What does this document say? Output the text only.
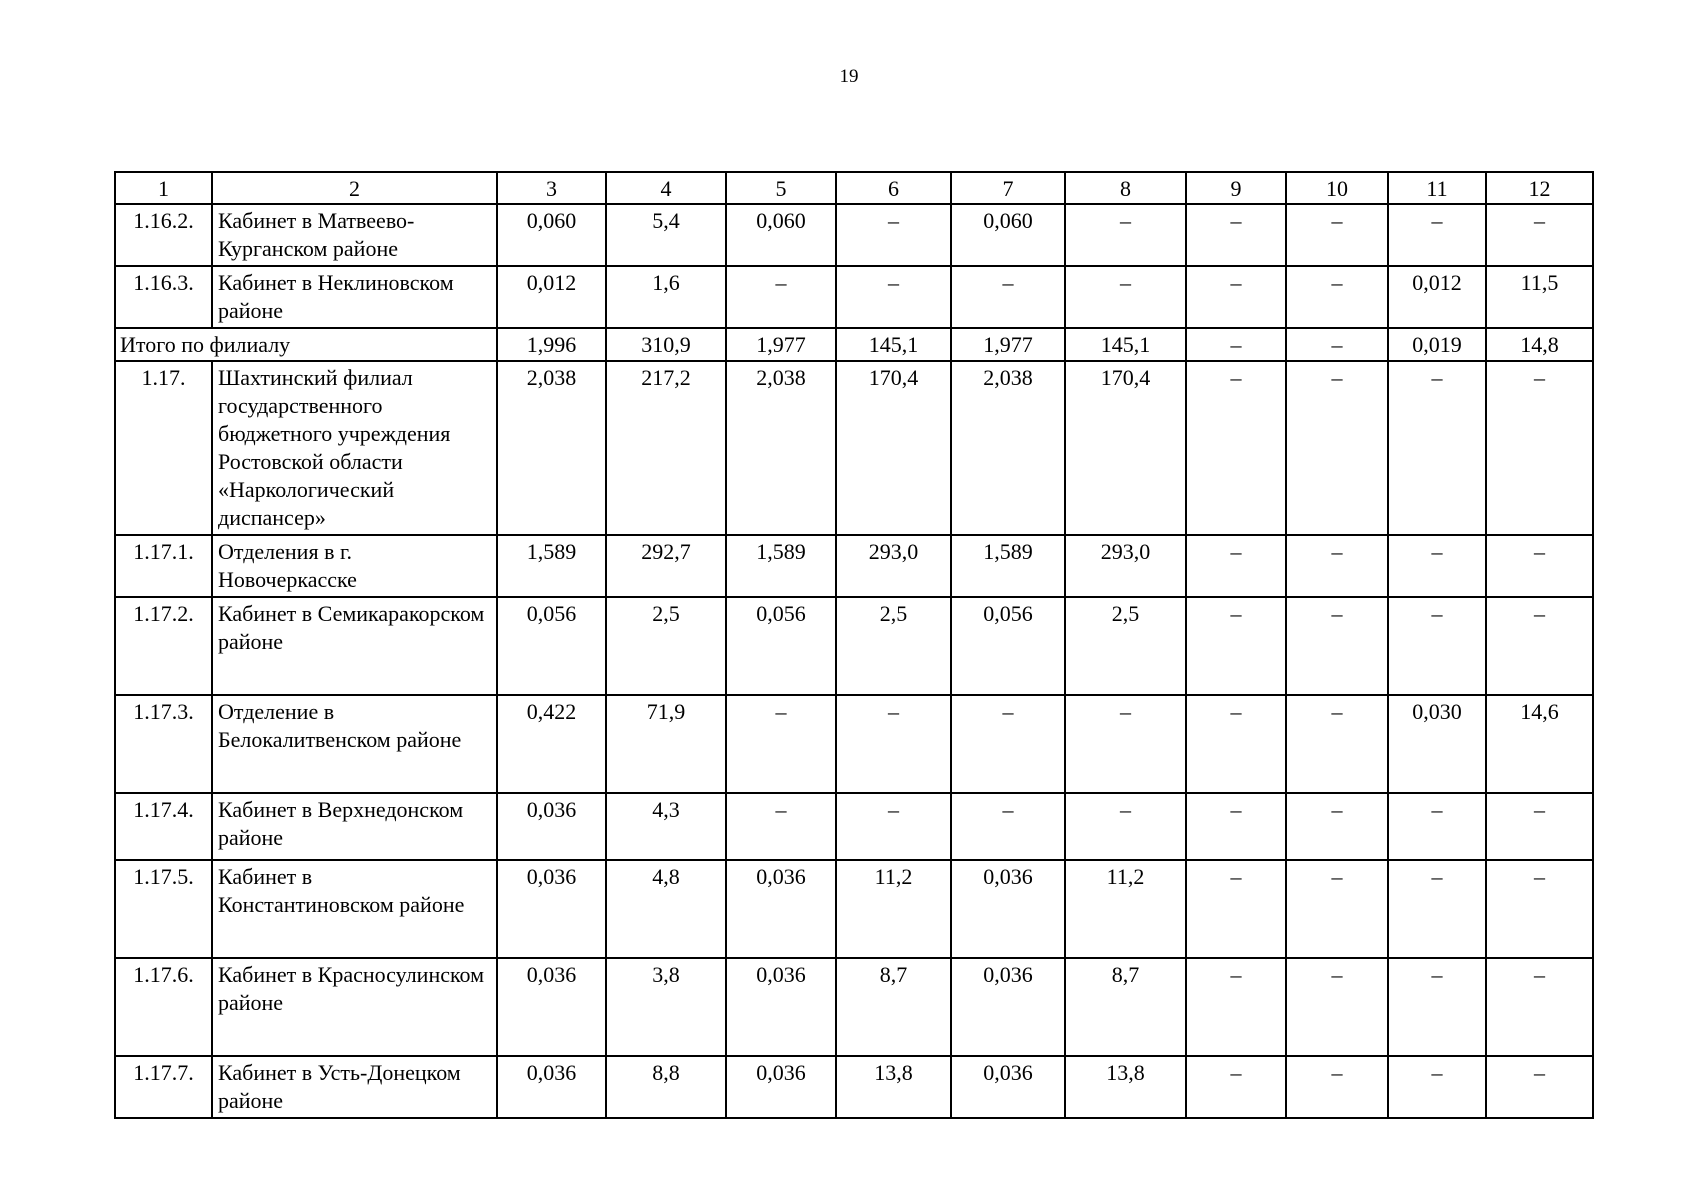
19
1	2	3	4	5	6	7	8	9	10	11	12
1.16.2.	Кабинет в Матвеево-Курганском районе	0,060	5,4	0,060	–	0,060	–	–	–	–	–
1.16.3.	Кабинет в Неклиновском районе	0,012	1,6	–	–	–	–	–	–	0,012	11,5
Итого по филиалу		1,996	310,9	1,977	145,1	1,977	145,1	–	–	0,019	14,8
1.17.	Шахтинский филиал государственного бюджетного учреждения Ростовской области «Наркологический диспансер»	2,038	217,2	2,038	170,4	2,038	170,4	–	–	–	–
1.17.1.	Отделения в г. Новочеркасске	1,589	292,7	1,589	293,0	1,589	293,0	–	–	–	–
1.17.2.	Кабинет в Семикаракорском районе	0,056	2,5	0,056	2,5	0,056	2,5	–	–	–	–
1.17.3.	Отделение в Белокалитвенском районе	0,422	71,9	–	–	–	–	–	–	0,030	14,6
1.17.4.	Кабинет в Верхнедонском районе	0,036	4,3	–	–	–	–	–	–	–	–
1.17.5.	Кабинет в Константиновском районе	0,036	4,8	0,036	11,2	0,036	11,2	–	–	–	–
1.17.6.	Кабинет в Красносулинском районе	0,036	3,8	0,036	8,7	0,036	8,7	–	–	–	–
1.17.7.	Кабинет в Усть-Донецком районе	0,036	8,8	0,036	13,8	0,036	13,8	–	–	–	–
